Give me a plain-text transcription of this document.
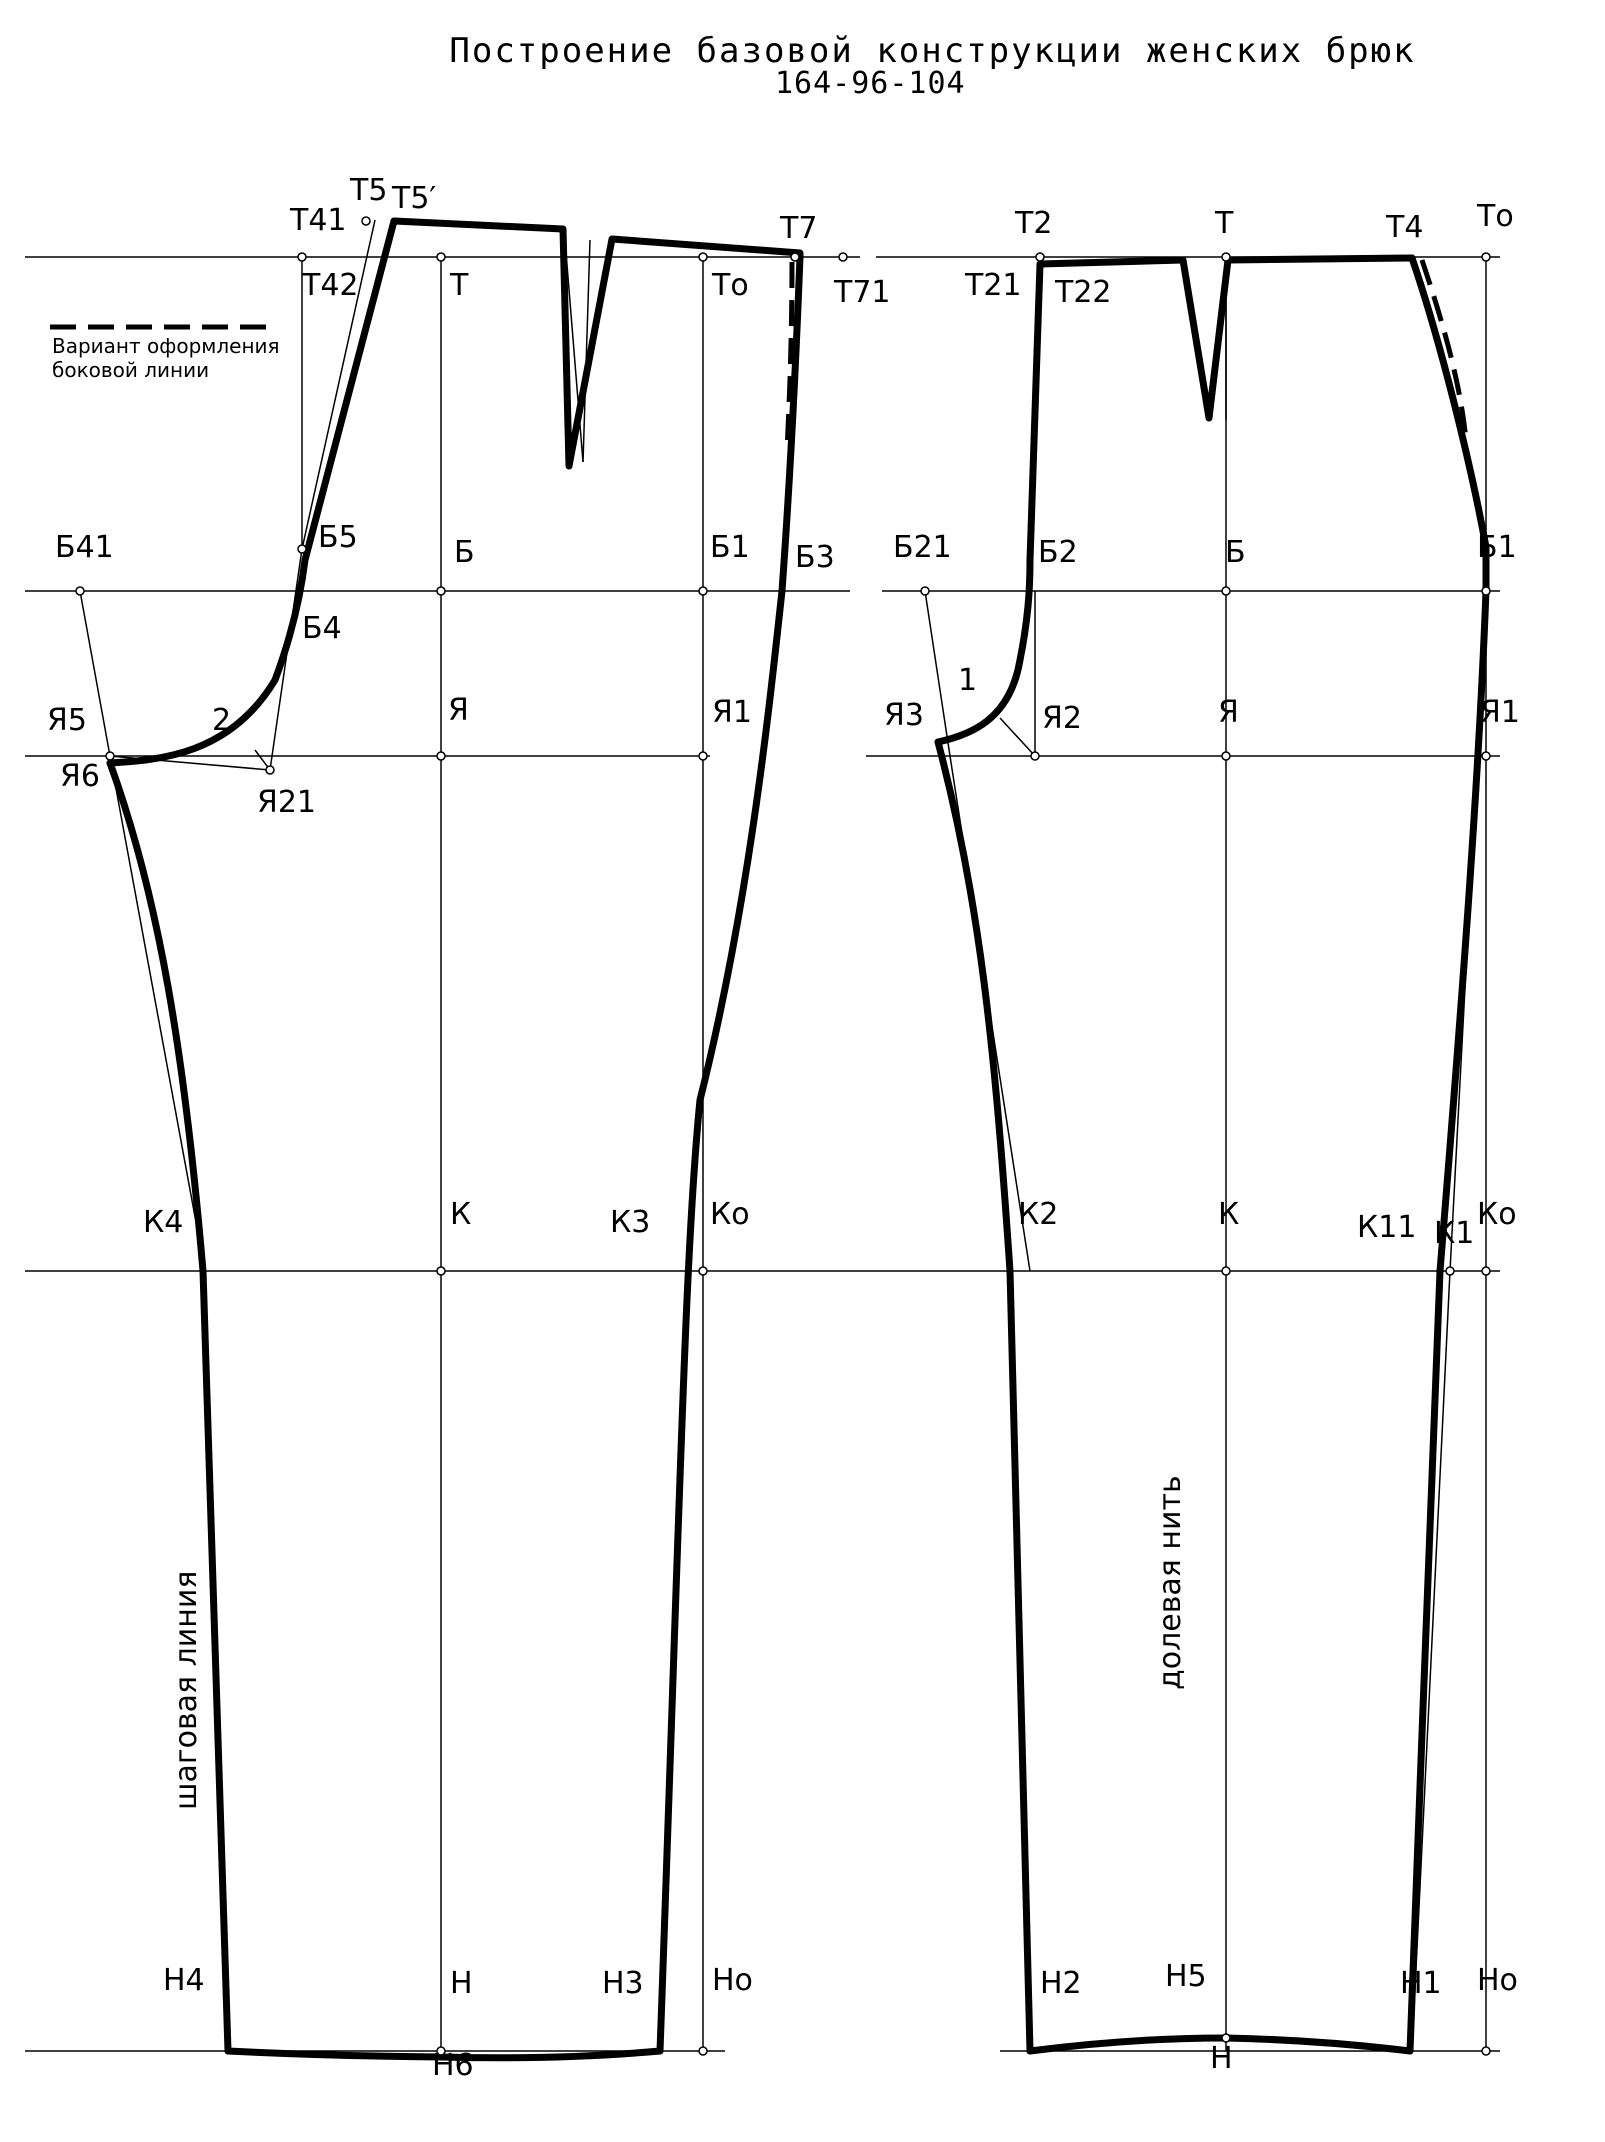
Построение базовой конструкции женских брюк
164-96-104
Вариант оформления
боковой линии
Т41
Т5 Т5′
Т42	Т	То
Т7
Т71
Б41	Б5	Б	Б1 Б3
Б4
Я5
Я6
2
Я21
Я	Я1
К4	К	К3 Ко
Н4	Н	Н3 Но
Н6
Т2	Т	Т4 То
Т21 Т22
Б21	Б2	Б	Б1
1
Я3	Я2	Я	Я1
К2	К	К11 К1
Ко
Н2	Н5	Н1 Но
Н
шаговая линия	долевая нить
